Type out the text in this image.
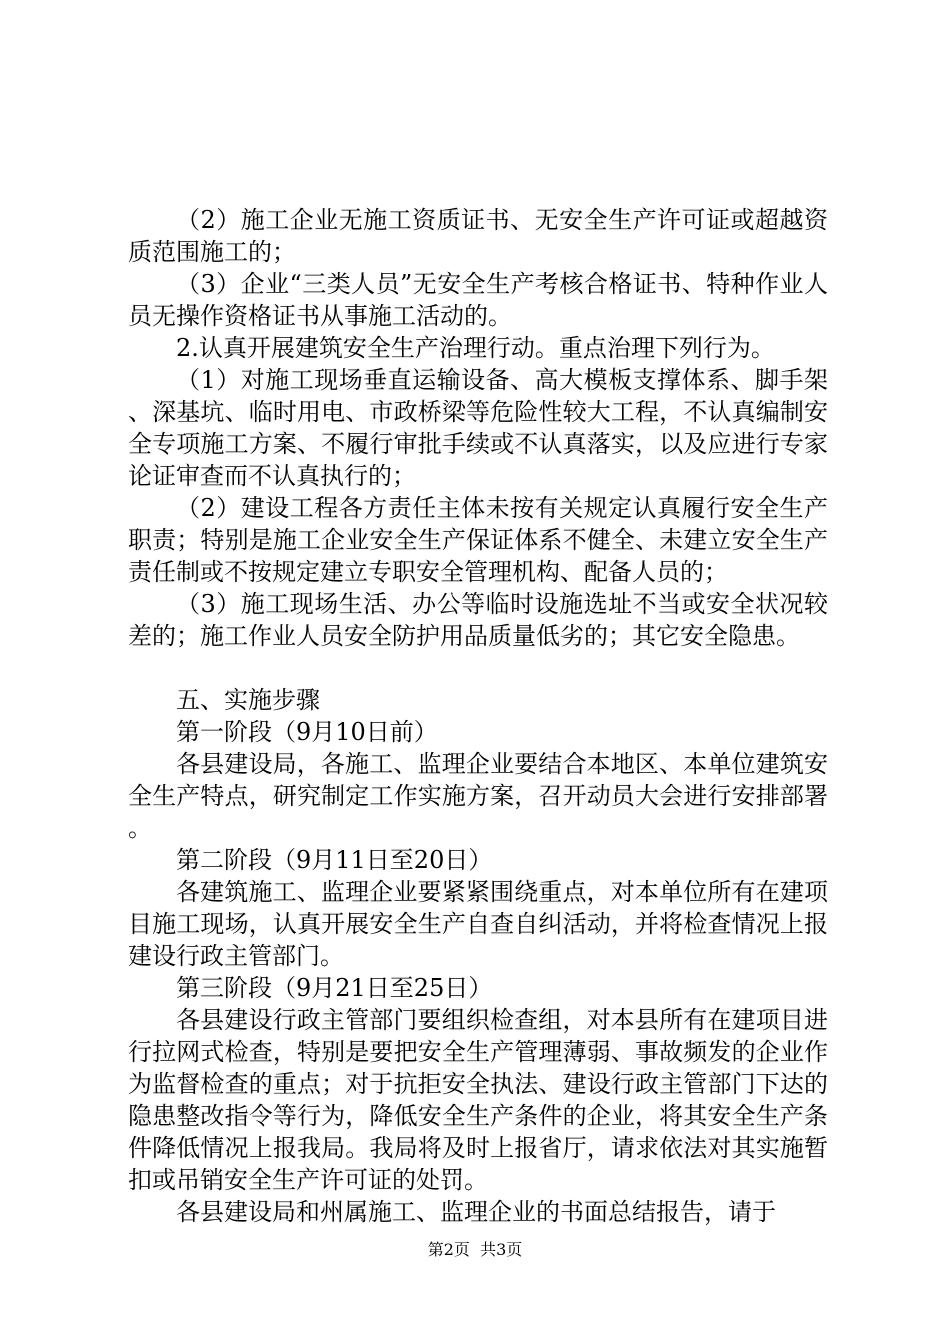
（2）施工企业无施工资质证书、无安全生产许可证或超越资质范围施工的；

（3）企业“三类人员”无安全生产考核合格证书、特种作业人员无操作资格证书从事施工活动的。

2.认真开展建筑安全生产治理行动。重点治理下列行为。

（1）对施工现场垂直运输设备、高大模板支撑体系、脚手架、深基坑、临时用电、市政桥梁等危险性较大工程，不认真编制安全专项施工方案、不履行审批手续或不认真落实，以及应进行专家论证审查而不认真执行的；

（2）建设工程各方责任主体未按有关规定认真履行安全生产职责；特别是施工企业安全生产保证体系不健全、未建立安全生产责任制或不按规定建立专职安全管理机构、配备人员的；

（3）施工现场生活、办公等临时设施选址不当或安全状况较差的；施工作业人员安全防护用品质量低劣的；其它安全隐患。

五、实施步骤

第一阶段（9月10日前）

各县建设局，各施工、监理企业要结合本地区、本单位建筑安全生产特点，研究制定工作实施方案，召开动员大会进行安排部署。

第二阶段（9月11日至20日）

各建筑施工、监理企业要紧紧围绕重点，对本单位所有在建项目施工现场，认真开展安全生产自查自纠活动，并将检查情况上报建设行政主管部门。

第三阶段（9月21日至25日）

各县建设行政主管部门要组织检查组，对本县所有在建项目进行拉网式检查，特别是要把安全生产管理薄弱、事故频发的企业作为监督检查的重点；对于抗拒安全执法、建设行政主管部门下达的隐患整改指令等行为，降低安全生产条件的企业，将其安全生产条件降低情况上报我局。我局将及时上报省厅，请求依法对其实施暂扣或吊销安全生产许可证的处罚。

各县建设局和州属施工、监理企业的书面总结报告，请于

第2页  共3页
